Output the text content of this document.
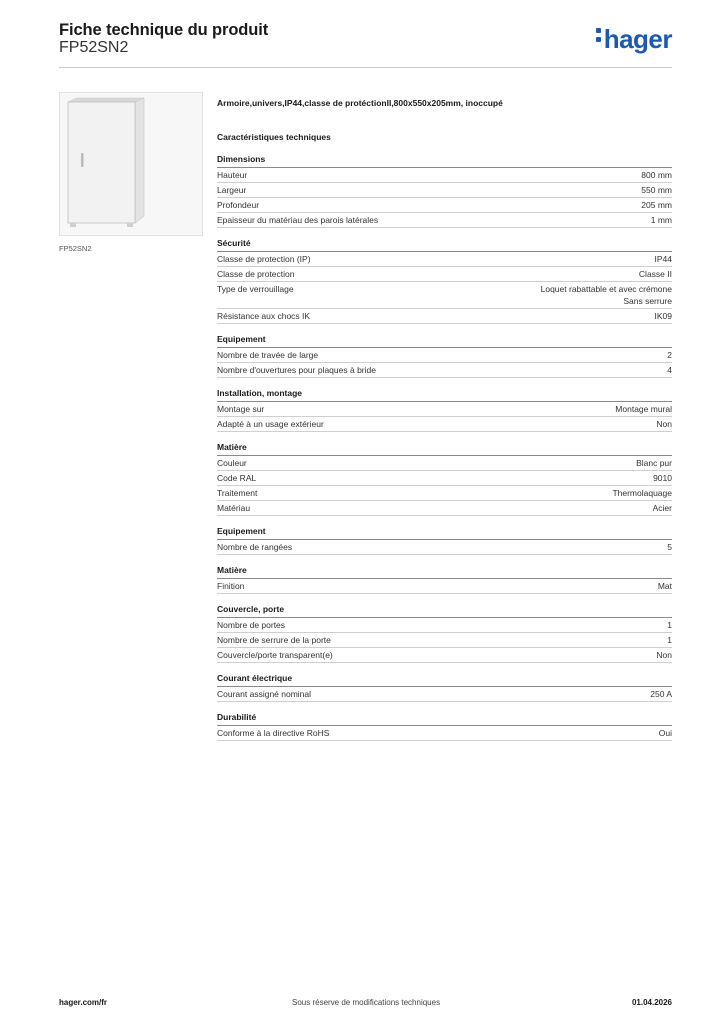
Fiche technique du produit
FP52SN2	hager
FP52SN2
Armoire,univers,IP44,classe de protéctionII,800x550x205mm, inoccupé
Caractéristiques techniques
Dimensions
Hauteur	800 mm
Largeur	550 mm
Profondeur	205 mm
Epaisseur du matériau des parois latérales	1 mm
Sécurité
Classe de protection (IP)	IP44
Classe de protection	Classe II
Type de verrouillage	Loquet rabattable et avec crémone
Sans serrure
Résistance aux chocs IK	IK09
Equipement
Nombre de travée de large	2
Nombre d'ouvertures pour plaques à bride	4
Installation, montage
Montage sur	Montage mural
Adapté à un usage extérieur	Non
Matière
Couleur	Blanc pur
Code RAL	9010
Traitement	Thermolaquage
Matériau	Acier
Equipement
Nombre de rangées	5
Matière
Finition	Mat
Couvercle, porte
Nombre de portes	1
Nombre de serrure de la porte	1
Couvercle/porte transparent(e)	Non
Courant électrique
Courant assigné nominal	250 A
Durabilité
Conforme à la directive RoHS	Oui
hager.com/fr	Sous réserve de modifications techniques	01.04.2026
